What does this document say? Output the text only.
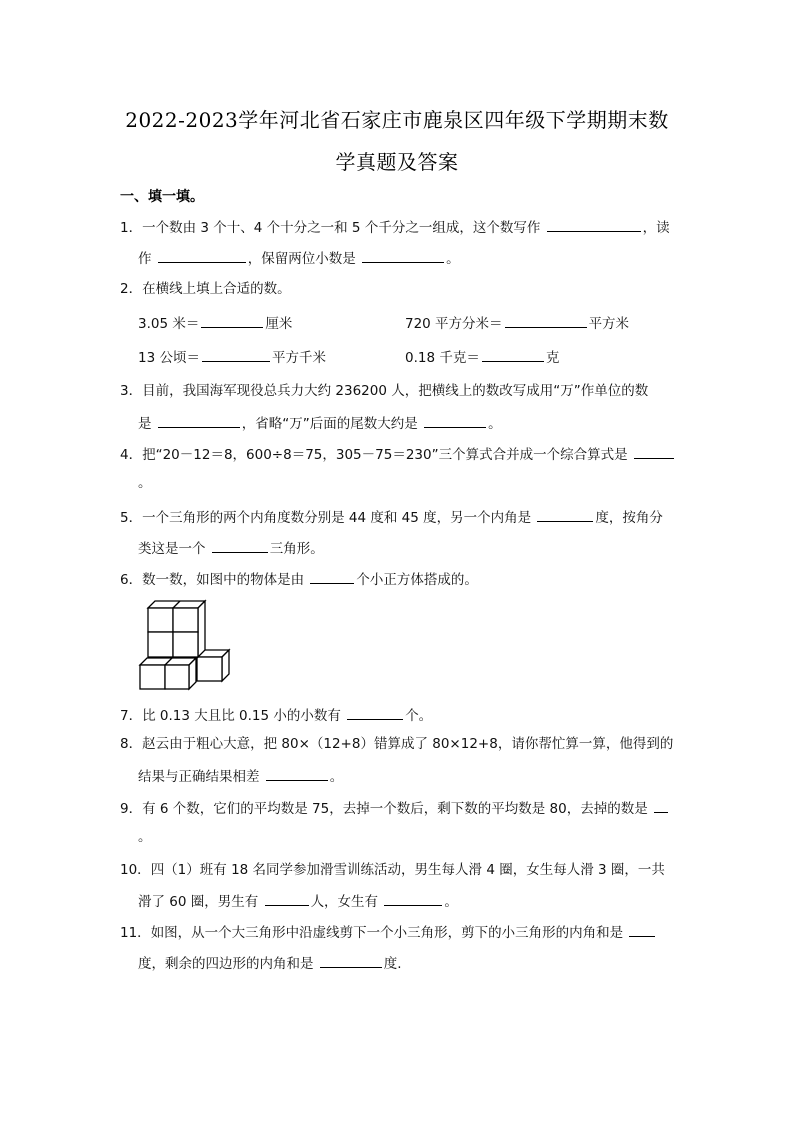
2022-2023学年河北省石家庄市鹿泉区四年级下学期期末数
学真题及答案
一、填一填。
1．一个数由 3 个十、4 个十分之一和 5 个千分之一组成，这个数写作	，读
作	，保留两位小数是	。
2．在横线上填上合适的数。
3.05 米＝	厘米	720 平方分米＝	平方米
13 公顷＝	平方千米	0.18 千克＝	克
3．目前，我国海军现役总兵力大约 236200 人，把横线上的数改写成用“万”作单位的数
是	，省略“万”后面的尾数大约是	。
4．把“20－12＝8，600÷8＝75，305－75＝230”三个算式合并成一个综合算式是
。
5．一个三角形的两个内角度数分别是 44 度和 45 度，另一个内角是	度，按角分
类这是一个	三角形。
6．数一数，如图中的物体是由	个小正方体搭成的。
7．比 0.13 大且比 0.15 小的小数有	个。
8．赵云由于粗心大意，把 80×（12+8）错算成了 80×12+8，请你帮忙算一算，他得到的
结果与正确结果相差	。
9．有 6 个数，它们的平均数是 75，去掉一个数后，剩下数的平均数是 80，去掉的数是
。
10．四（1）班有 18 名同学参加滑雪训练活动，男生每人滑 4 圈，女生每人滑 3 圈，一共
滑了 60 圈，男生有	人，女生有	。
11．如图，从一个大三角形中沿虚线剪下一个小三角形，剪下的小三角形的内角和是
度，剩余的四边形的内角和是	度.
